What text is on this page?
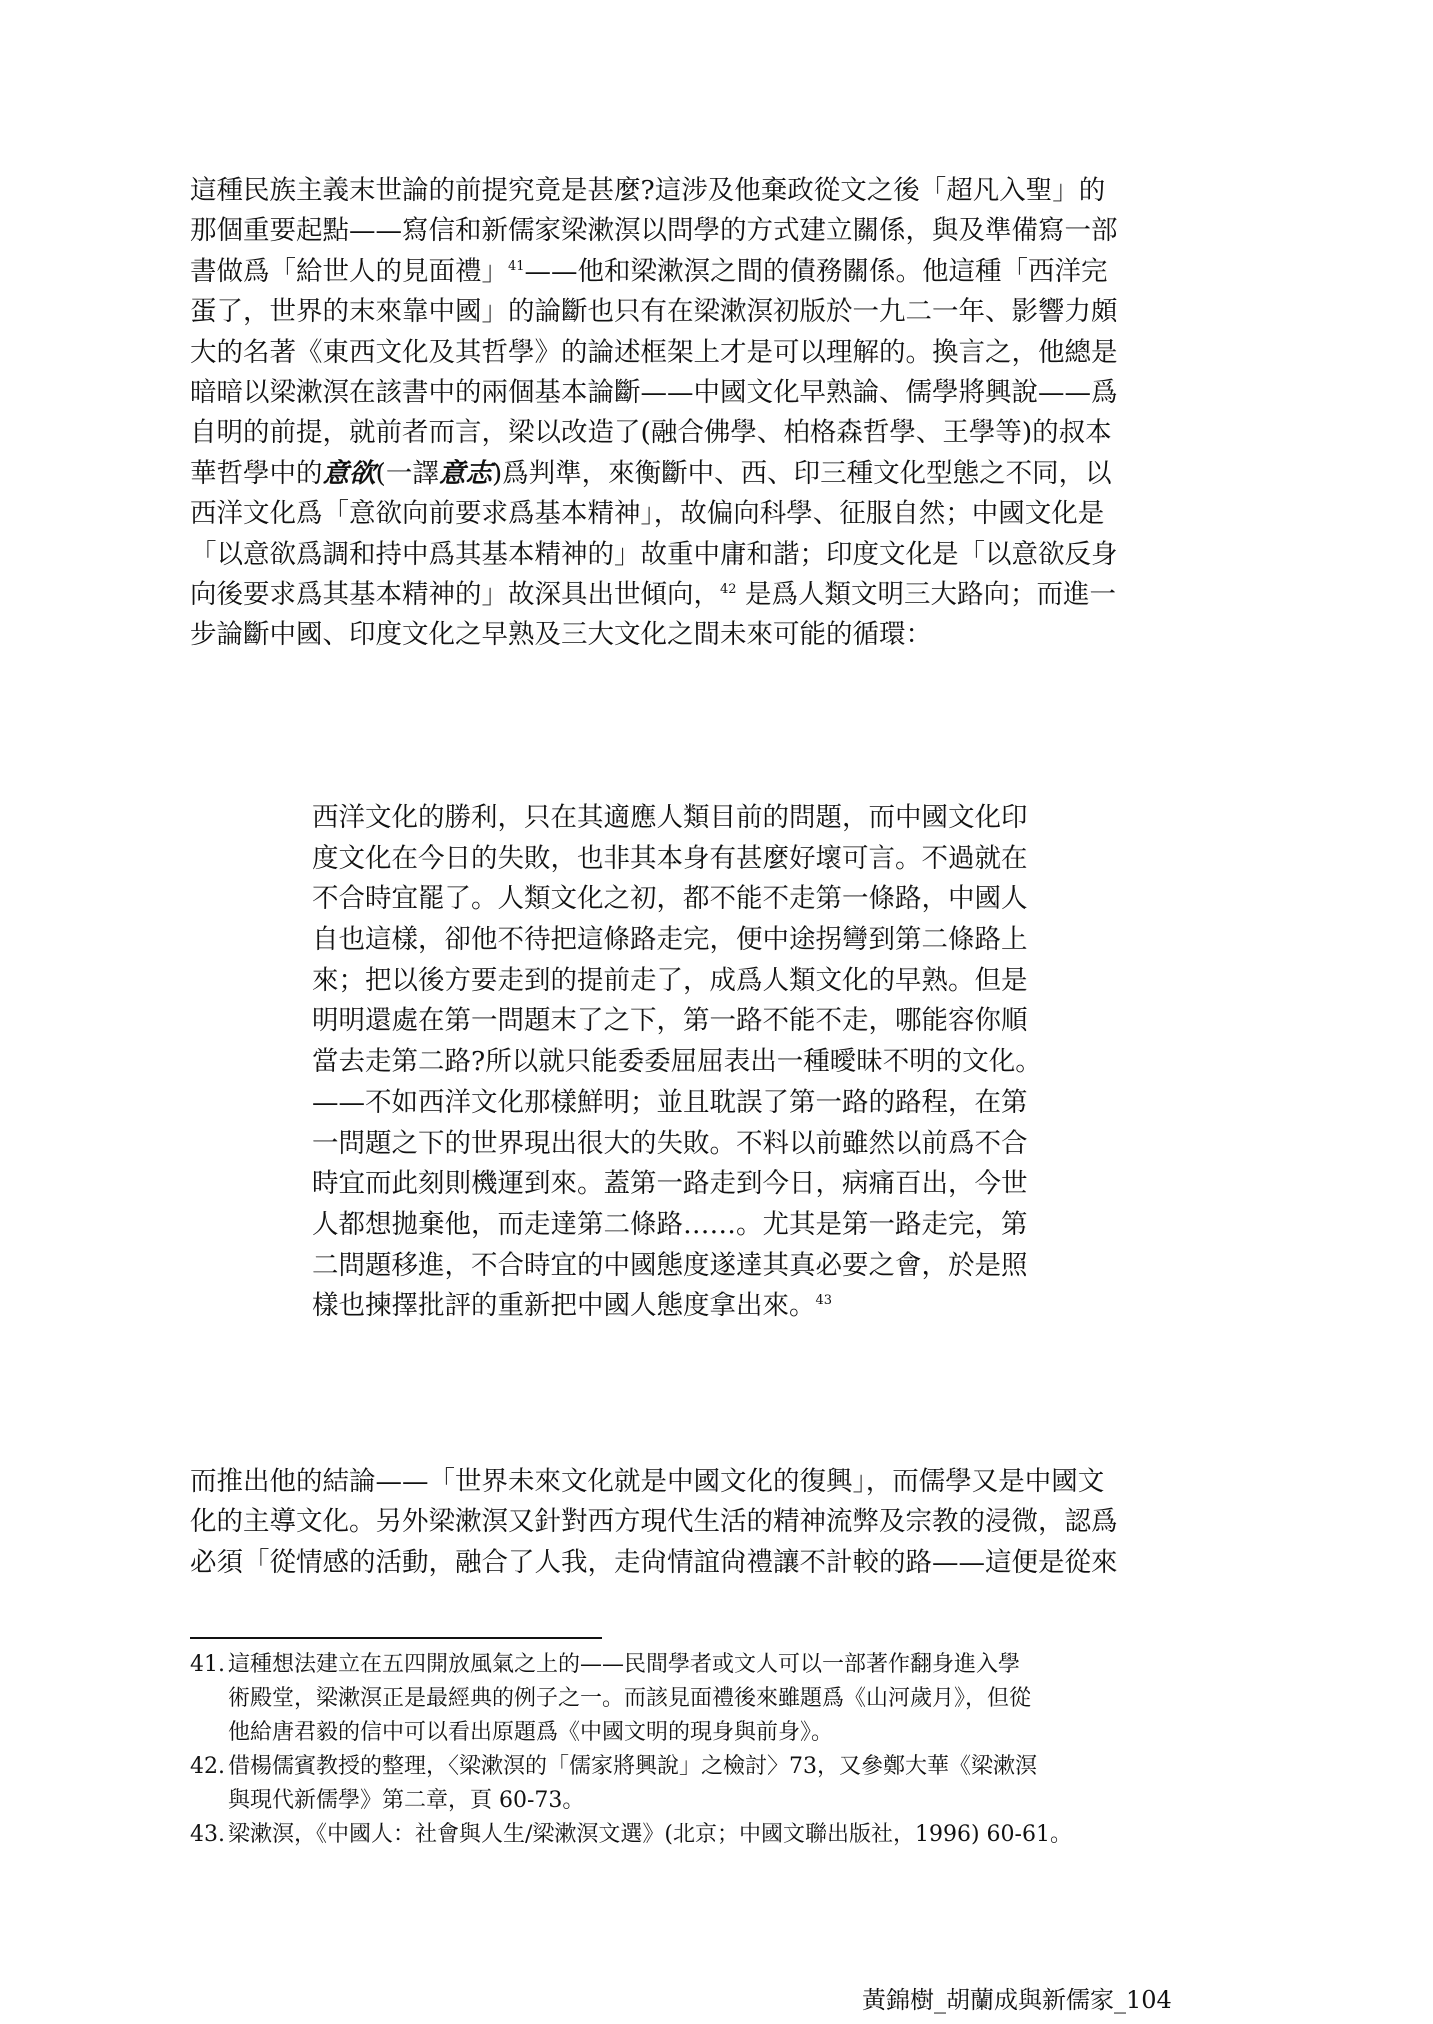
這種民族主義末世論的前提究竟是甚麼?這涉及他棄政從文之後「超凡入聖」的
那個重要起點——寫信和新儒家梁漱溟以問學的方式建立關係，與及準備寫一部
書做爲「給世人的見面禮」$^{41}$——他和梁漱溟之間的債務關係。他這種「西洋完
蛋了，世界的末來靠中國」的論斷也只有在梁漱溟初版於一九二一年、影響力頗
大的名著《東西文化及其哲學》的論述框架上才是可以理解的。換言之，他總是
暗暗以梁漱溟在該書中的兩個基本論斷——中國文化早熟論、儒學將興說——爲
自明的前提，就前者而言，梁以改造了(融合佛學、柏格森哲學、王學等)的叔本
華哲學中的意欲(一譯意志)爲判準，來衡斷中、西、印三種文化型態之不同，以
西洋文化爲「意欲向前要求爲基本精神」，故偏向科學、征服自然；中國文化是
「以意欲爲調和持中爲其基本精神的」故重中庸和諧；印度文化是「以意欲反身
向後要求爲其基本精神的」故深具出世傾向，$^{42}$ 是爲人類文明三大路向；而進一
步論斷中國、印度文化之早熟及三大文化之間未來可能的循環：
西洋文化的勝利，只在其適應人類目前的問題，而中國文化印
度文化在今日的失敗，也非其本身有甚麼好壞可言。不過就在
不合時宜罷了。人類文化之初，都不能不走第一條路，中國人
自也這樣，卻他不待把這條路走完，便中途拐彎到第二條路上
來；把以後方要走到的提前走了，成爲人類文化的早熟。但是
明明還處在第一問題末了之下，第一路不能不走，哪能容你順
當去走第二路?所以就只能委委屈屈表出一種曖昧不明的文化。
——不如西洋文化那樣鮮明；並且耽誤了第一路的路程，在第
一問題之下的世界現出很大的失敗。不料以前雖然以前爲不合
時宜而此刻則機運到來。蓋第一路走到今日，病痛百出，今世
人都想拋棄他，而走達第二條路……。尤其是第一路走完，第
二問題移進，不合時宜的中國態度遂達其真必要之會，於是照
樣也揀擇批評的重新把中國人態度拿出來。$^{43}$
而推出他的結論——「世界未來文化就是中國文化的復興」，而儒學又是中國文
化的主導文化。另外梁漱溟又針對西方現代生活的精神流弊及宗教的浸微，認爲
必須「從情感的活動，融合了人我，走尙情誼尙禮讓不計較的路——這便是從來
41. 這種想法建立在五四開放風氣之上的——民間學者或文人可以一部著作翻身進入學
術殿堂，梁漱溟正是最經典的例子之一。而該見面禮後來雖題爲《山河歲月》，但從
他給唐君毅的信中可以看出原題爲《中國文明的現身與前身》。
42. 借楊儒賓教授的整理，〈梁漱溟的「儒家將興說」之檢討〉73，又參鄭大華《梁漱溟
與現代新儒學》第二章，頁 60-73。
43. 梁漱溟，《中國人：社會與人生/梁漱溟文選》(北京；中國文聯出版社，1996) 60-61。
黃錦樹_胡蘭成與新儒家_104
